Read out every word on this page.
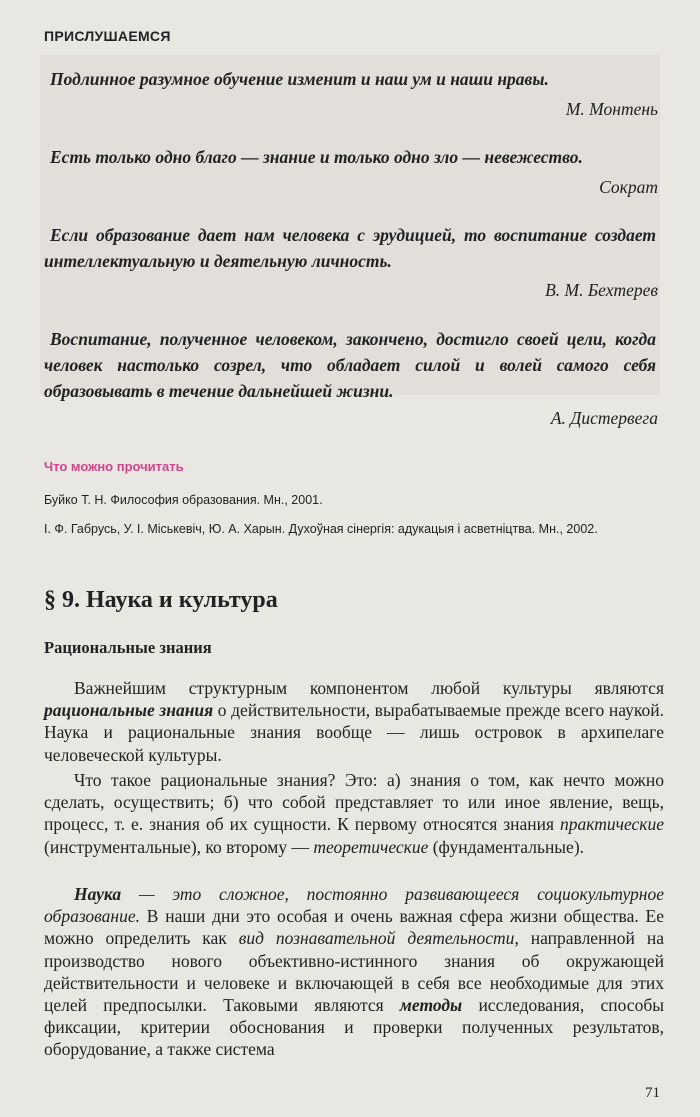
ПРИСЛУШАЕМСЯ
Подлинное разумное обучение изменит и наш ум и наши нравы.
М. Монтень
Есть только одно благо — знание и только одно зло — невежество.
Сократ
Если образование дает нам человека с эрудицией, то воспитание создает интеллектуальную и деятельную личность.
В. М. Бехтерев
Воспитание, полученное человеком, закончено, достигло своей цели, когда человек настолько созрел, что обладает силой и волей самого себя образовывать в течение дальнейшей жизни.
А. Дистервега
Что можно прочитать
Буйко Т. Н. Философия образования. Мн., 2001.
І. Ф. Габрусь, У. І. Міськевіч, Ю. А. Харын. Духоўная сінергія: адукацыя і асветніцтва. Мн., 2002.
§ 9. Наука и культура
Рациональные знания

Важнейшим структурным компонентом любой культуры являются рациональные знания о действительности, вырабатываемые прежде всего наукой. Наука и рациональные знания вообще — лишь островок в архипелаге человеческой культуры.

Что такое рациональные знания? Это: а) знания о том, как нечто можно сделать, осуществить; б) что собой представляет то или иное явление, вещь, процесс, т. е. знания об их сущности. К первому относятся знания практические (инструментальные), ко второму — теоретические (фундаментальные).

Наука — это сложное, постоянно развивающееся социокультурное образование. В наши дни это особая и очень важная сфера жизни общества. Ее можно определить как вид познавательной деятельности, направленной на производство нового объективно-истинного знания об окружающей действительности и человеке и включающей в себя все необходимые для этих целей предпосылки. Таковыми являются методы исследования, способы фиксации, критерии обоснования и проверки полученных результатов, оборудование, а также система

71
